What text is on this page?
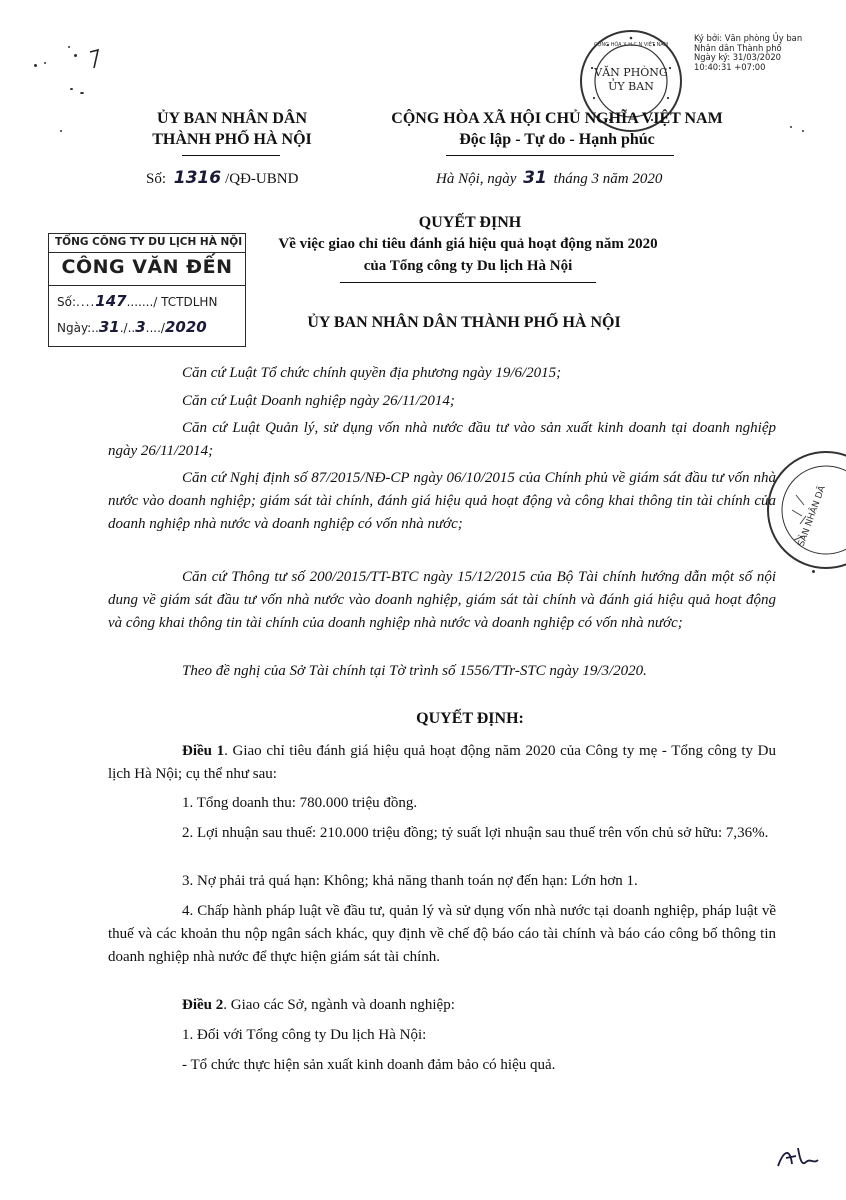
Ký bởi: Văn phòng Ủy ban
Nhân dân Thành phố
Ngày ký: 31/03/2020
10:40:31 +07:00
VĂN PHÒNG
ỦY BAN
CỘNG HÒA X.H.C.N VIỆT NAM
ỦY BAN NHÂN DÂN
THÀNH PHỐ HÀ NỘI
CỘNG HÒA XÃ HỘI CHỦ NGHĨA VIỆT NAM
Độc lập - Tự do - Hạnh phúc
Số: 1316 /QĐ-UBND	Hà Nội, ngày 31 tháng 3 năm 2020
QUYẾT ĐỊNH
Về việc giao chỉ tiêu đánh giá hiệu quả hoạt động năm 2020
của Tổng công ty Du lịch Hà Nội
TỔNG CÔNG TY DU LỊCH HÀ NỘI
CÔNG VĂN ĐẾN
Số:....147......./ TCTDLHN
Ngày:..31./..3..../2020	ỦY BAN NHÂN DÂN THÀNH PHỐ HÀ NỘI
Căn cứ Luật Tổ chức chính quyền địa phương ngày 19/6/2015;
Căn cứ Luật Doanh nghiệp ngày 26/11/2014;
Căn cứ Luật Quản lý, sử dụng vốn nhà nước đầu tư vào sản xuất kinh doanh tại doanh nghiệp ngày 26/11/2014;
Căn cứ Nghị định số 87/2015/NĐ-CP ngày 06/10/2015 của Chính phủ về giám sát đầu tư vốn nhà nước vào doanh nghiệp; giám sát tài chính, đánh giá hiệu quả hoạt động và công khai thông tin tài chính của doanh nghiệp nhà nước và doanh nghiệp có vốn nhà nước;
Căn cứ Thông tư số 200/2015/TT-BTC ngày 15/12/2015 của Bộ Tài chính hướng dẫn một số nội dung về giám sát đầu tư vốn nhà nước vào doanh nghiệp, giám sát tài chính và đánh giá hiệu quả hoạt động và công khai thông tin tài chính của doanh nghiệp nhà nước và doanh nghiệp có vốn nhà nước;
Theo đề nghị của Sở Tài chính tại Tờ trình số 1556/TTr-STC ngày 19/3/2020.
QUYẾT ĐỊNH:
Điều 1. Giao chỉ tiêu đánh giá hiệu quả hoạt động năm 2020 của Công ty mẹ - Tổng công ty Du lịch Hà Nội; cụ thể như sau:
1. Tổng doanh thu: 780.000 triệu đồng.
2. Lợi nhuận sau thuế: 210.000 triệu đồng; tỷ suất lợi nhuận sau thuế trên vốn chủ sở hữu: 7,36%.
3. Nợ phải trả quá hạn: Không; khả năng thanh toán nợ đến hạn: Lớn hơn 1.
4. Chấp hành pháp luật về đầu tư, quản lý và sử dụng vốn nhà nước tại doanh nghiệp, pháp luật về thuế và các khoản thu nộp ngân sách khác, quy định về chế độ báo cáo tài chính và báo cáo công bố thông tin doanh nghiệp nhà nước để thực hiện giám sát tài chính.
Điều 2. Giao các Sở, ngành và doanh nghiệp:
1. Đối với Tổng công ty Du lịch Hà Nội:
- Tổ chức thực hiện sản xuất kinh doanh đảm bảo có hiệu quả.
SẢN NHÂN DÂ
